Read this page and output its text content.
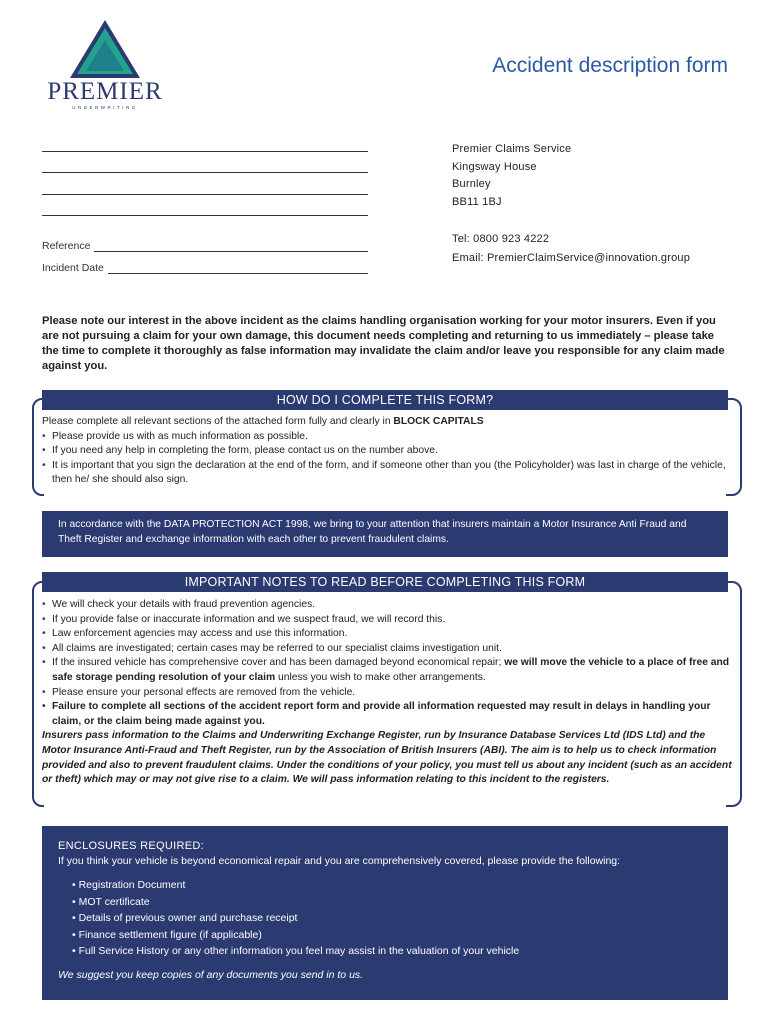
PREMIER
UNDERWRITING
Accident description form
Reference
Incident Date
Premier Claims Service
Kingsway House
Burnley
BB11 1BJ
Tel: 0800 923 4222
Email: PremierClaimService@innovation.group
Please note our interest in the above incident as the claims handling organisation working for your motor insurers. Even if you are not pursuing a claim for your own damage, this document needs completing and returning to us immediately – please take the time to complete it thoroughly as false information may invalidate the claim and/or leave you responsible for any claim made against you.
HOW DO I COMPLETE THIS FORM?
Please complete all relevant sections of the attached form fully and clearly in BLOCK CAPITALS
• Please provide us with as much information as possible.
• If you need any help in completing the form, please contact us on the number above.
• It is important that you sign the declaration at the end of the form, and if someone other than you (the Policyholder) was last in charge of the vehicle, then he/ she should also sign.
In accordance with the DATA PROTECTION ACT 1998, we bring to your attention that insurers maintain a Motor Insurance Anti Fraud and Theft Register and exchange information with each other to prevent fraudulent claims.
IMPORTANT NOTES TO READ BEFORE COMPLETING THIS FORM
• We will check your details with fraud prevention agencies.
• If you provide false or inaccurate information and we suspect fraud, we will record this.
• Law enforcement agencies may access and use this information.
• All claims are investigated; certain cases may be referred to our specialist claims investigation unit.
• If the insured vehicle has comprehensive cover and has been damaged beyond economical repair; we will move the vehicle to a place of free and safe storage pending resolution of your claim unless you wish to make other arrangements.
• Please ensure your personal effects are removed from the vehicle.
• Failure to complete all sections of the accident report form and provide all information requested may result in delays in handling your claim, or the claim being made against you.
Insurers pass information to the Claims and Underwriting Exchange Register, run by Insurance Database Services Ltd (IDS Ltd) and the Motor Insurance Anti-Fraud and Theft Register, run by the Association of British Insurers (ABI). The aim is to help us to check information provided and also to prevent fraudulent claims. Under the conditions of your policy, you must tell us about any incident (such as an accident or theft) which may or may not give rise to a claim. We will pass information relating to this incident to the registers.
ENCLOSURES REQUIRED:
If you think your vehicle is beyond economical repair and you are comprehensively covered, please provide the following:
• Registration Document
• MOT certificate
• Details of previous owner and purchase receipt
• Finance settlement figure (if applicable)
• Full Service History or any other information you feel may assist in the valuation of your vehicle
We suggest you keep copies of any documents you send in to us.
